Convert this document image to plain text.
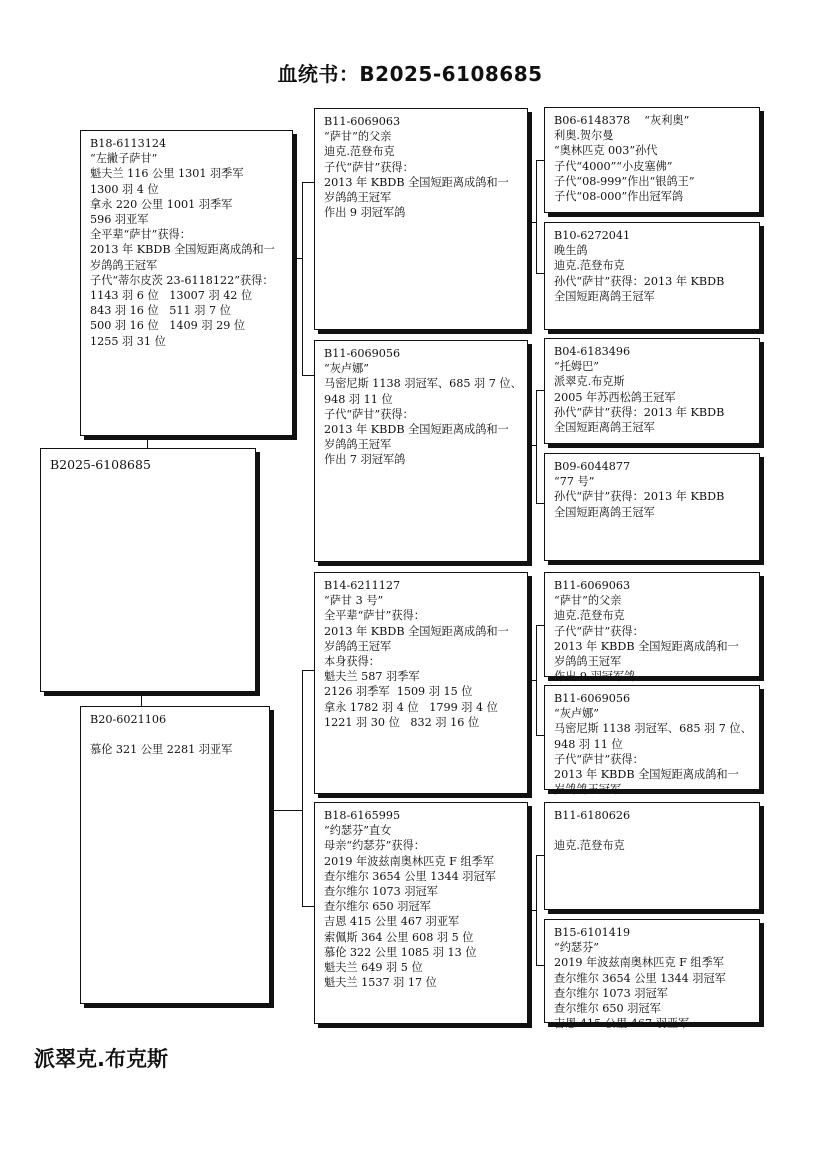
血统书：B2025-6108685
B2025-6108685
B18-6113124
“左撇子萨甘”
魁夫兰 116 公里 1301 羽季军
1300 羽 4 位
拿永 220 公里 1001 羽季军
596 羽亚军
全平辈“萨甘”获得：
2013 年 KBDB 全国短距离成鸽和一
岁鸽鸽王冠军
子代“蒂尔皮茨 23-6118122”获得：
1143 羽 6 位   13007 羽 42 位
843 羽 16 位   511 羽 7 位
500 羽 16 位   1409 羽 29 位
1255 羽 31 位
B20-6021106
慕伦 321 公里 2281 羽亚军
B11-6069063
“萨甘”的父亲
迪克.范登布克
子代“萨甘”获得：
2013 年 KBDB 全国短距离成鸽和一
岁鸽鸽王冠军
作出 9 羽冠军鸽
B11-6069056
“灰卢娜”
马密尼斯 1138 羽冠军、685 羽 7 位、
948 羽 11 位
子代“萨甘”获得：
2013 年 KBDB 全国短距离成鸽和一
岁鸽鸽王冠军
作出 7 羽冠军鸽
B14-6211127
“萨甘 3 号”
全平辈“萨甘”获得：
2013 年 KBDB 全国短距离成鸽和一
岁鸽鸽王冠军
本身获得：
魁夫兰 587 羽季军
2126 羽季军  1509 羽 15 位
拿永 1782 羽 4 位   1799 羽 4 位
1221 羽 30 位   832 羽 16 位
B18-6165995
“约瑟芬”直女
母亲“约瑟芬”获得：
2019 年波兹南奥林匹克 F 组季军
查尔维尔 3654 公里 1344 羽冠军
查尔维尔 1073 羽冠军
查尔维尔 650 羽冠军
吉恩 415 公里 467 羽亚军
索佩斯 364 公里 608 羽 5 位
慕伦 322 公里 1085 羽 13 位
魁夫兰 649 羽 5 位
魁夫兰 1537 羽 17 位
B06-6148378    “灰利奥”
利奥.贺尔曼
“奥林匹克 003”孙代
子代“4000”“小皮塞佛”
子代“08-999”作出“银鸽王”
子代“08-000”作出冠军鸽
B10-6272041
晚生鸽
迪克.范登布克
孙代“萨甘”获得：2013 年 KBDB
全国短距离鸽王冠军
B04-6183496
“托姆巴”
派翠克.布克斯
2005 年苏西松鸽王冠军
孙代“萨甘”获得：2013 年 KBDB
全国短距离鸽王冠军
B09-6044877
“77 号”
孙代“萨甘”获得：2013 年 KBDB
全国短距离鸽王冠军
B11-6069063
“萨甘”的父亲
迪克.范登布克
子代“萨甘”获得：
2013 年 KBDB 全国短距离成鸽和一
岁鸽鸽王冠军
作出 9 羽冠军鸽
B11-6069056
“灰卢娜”
马密尼斯 1138 羽冠军、685 羽 7 位、
948 羽 11 位
子代“萨甘”获得：
2013 年 KBDB 全国短距离成鸽和一
岁鸽鸽王冠军
B11-6180626
迪克.范登布克
B15-6101419
“约瑟芬”
2019 年波兹南奥林匹克 F 组季军
查尔维尔 3654 公里 1344 羽冠军
查尔维尔 1073 羽冠军
查尔维尔 650 羽冠军
吉恩 415 公里 467 羽亚军
派翠克.布克斯
